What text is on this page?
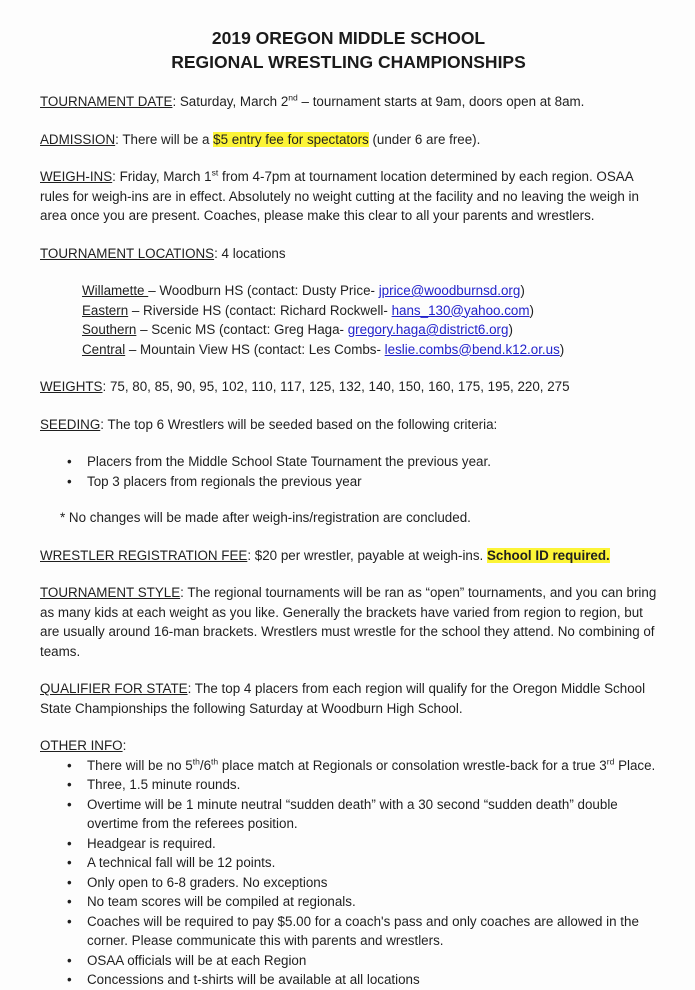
2019 OREGON MIDDLE SCHOOL
REGIONAL WRESTLING CHAMPIONSHIPS

TOURNAMENT DATE: Saturday, March 2nd – tournament starts at 9am, doors open at 8am.

ADMISSION: There will be a $5 entry fee for spectators (under 6 are free).

WEIGH-INS: Friday, March 1st from 4-7pm at tournament location determined by each region. OSAA rules for weigh-ins are in effect. Absolutely no weight cutting at the facility and no leaving the weigh in area once you are present. Coaches, please make this clear to all your parents and wrestlers.

TOURNAMENT LOCATIONS: 4 locations

Willamette – Woodburn HS (contact: Dusty Price- jprice@woodburnsd.org)

Eastern – Riverside HS (contact: Richard Rockwell- hans_130@yahoo.com)

Southern – Scenic MS (contact: Greg Haga- gregory.haga@district6.org)

Central – Mountain View HS (contact: Les Combs- leslie.combs@bend.k12.or.us)

WEIGHTS: 75, 80, 85, 90, 95, 102, 110, 117, 125, 132, 140, 150, 160, 175, 195, 220, 275

SEEDING: The top 6 Wrestlers will be seeded based on the following criteria:

• Placers from the Middle School State Tournament the previous year.
• Top 3 placers from regionals the previous year

* No changes will be made after weigh-ins/registration are concluded.

WRESTLER REGISTRATION FEE: $20 per wrestler, payable at weigh-ins. School ID required.

TOURNAMENT STYLE: The regional tournaments will be ran as “open” tournaments, and you can bring as many kids at each weight as you like. Generally the brackets have varied from region to region, but are usually around 16-man brackets. Wrestlers must wrestle for the school they attend. No combining of teams.

QUALIFIER FOR STATE: The top 4 placers from each region will qualify for the Oregon Middle School State Championships the following Saturday at Woodburn High School.

OTHER INFO:

• There will be no 5th/6th place match at Regionals or consolation wrestle-back for a true 3rd Place.
• Three, 1.5 minute rounds.
• Overtime will be 1 minute neutral “sudden death” with a 30 second “sudden death” double overtime from the referees position.
• Headgear is required.
• A technical fall will be 12 points.
• Only open to 6-8 graders. No exceptions
• No team scores will be compiled at regionals.
• Coaches will be required to pay $5.00 for a coach's pass and only coaches are allowed in the corner. Please communicate this with parents and wrestlers.
• OSAA officials will be at each Region
• Concessions and t-shirts will be available at all locations
